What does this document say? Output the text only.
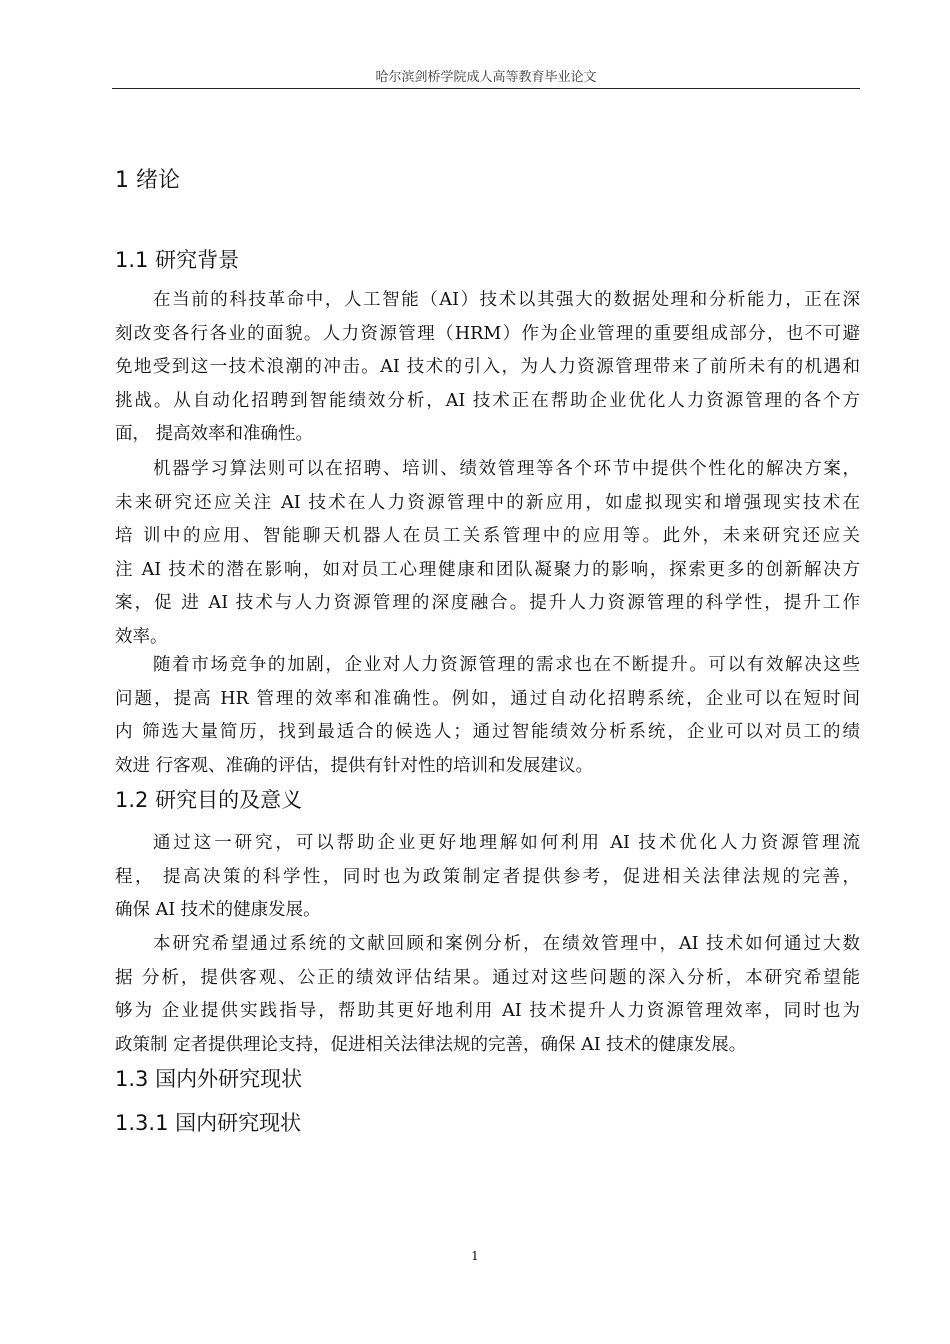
哈尔滨剑桥学院成人高等教育毕业论文
1 绪论
1.1 研究背景
在当前的科技革命中，人工智能（AI）技术以其强大的数据处理和分析能力，正在深
刻改变各行各业的面貌。人力资源管理（HRM）作为企业管理的重要组成部分，也不可避
免地受到这一技术浪潮的冲击。AI 技术的引入，为人力资源管理带来了前所未有的机遇和
挑战。从自动化招聘到智能绩效分析，AI 技术正在帮助企业优化人力资源管理的各个方
面， 提高效率和准确性。
机器学习算法则可以在招聘、培训、绩效管理等各个环节中提供个性化的解决方案，
未来研究还应关注 AI 技术在人力资源管理中的新应用，如虚拟现实和增强现实技术在
培 训中的应用、智能聊天机器人在员工关系管理中的应用等。此外，未来研究还应关
注 AI 技术的潜在影响，如对员工心理健康和团队凝聚力的影响，探索更多的创新解决方
案，促 进 AI 技术与人力资源管理的深度融合。提升人力资源管理的科学性，提升工作
效率。
随着市场竞争的加剧，企业对人力资源管理的需求也在不断提升。可以有效解决这些
问题，提高 HR 管理的效率和准确性。例如，通过自动化招聘系统，企业可以在短时间
内 筛选大量简历，找到最适合的候选人；通过智能绩效分析系统，企业可以对员工的绩
效进 行客观、准确的评估，提供有针对性的培训和发展建议。
1.2 研究目的及意义
通过这一研究，可以帮助企业更好地理解如何利用 AI 技术优化人力资源管理流
程， 提高决策的科学性，同时也为政策制定者提供参考，促进相关法律法规的完善，
确保 AI 技术的健康发展。
本研究希望通过系统的文献回顾和案例分析，在绩效管理中，AI 技术如何通过大数
据 分析，提供客观、公正的绩效评估结果。通过对这些问题的深入分析，本研究希望能
够为 企业提供实践指导，帮助其更好地利用 AI 技术提升人力资源管理效率，同时也为
政策制 定者提供理论支持，促进相关法律法规的完善，确保 AI 技术的健康发展。
1.3 国内外研究现状
1.3.1 国内研究现状
1
